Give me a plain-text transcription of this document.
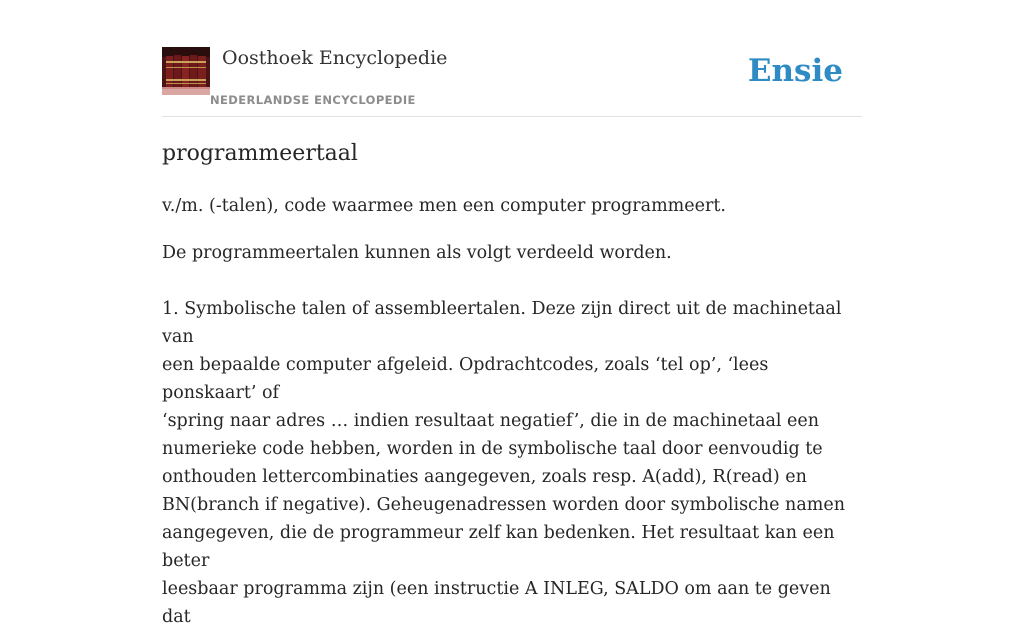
Oosthoek Encyclopedie
NEDERLANDSE ENCYCLOPEDIE
Ensie
programmeertaal

v./m. (-talen), code waarmee men een computer programmeert.

De programmeertalen kunnen als volgt verdeeld worden.

1. Symbolische talen of assembleertalen. Deze zijn direct uit de machinetaal van
een bepaalde computer afgeleid. Opdrachtcodes, zoals ‘tel op’, ‘lees ponskaart’ of
‘spring naar adres … indien resultaat negatief’, die in de machinetaal een
numerieke code hebben, worden in de symbolische taal door eenvoudig te
onthouden lettercombinaties aangegeven, zoals resp. A(add), R(read) en
BN(branch if negative). Geheugenadressen worden door symbolische namen
aangegeven, die de programmeur zelf kan bedenken. Het resultaat kan een beter
leesbaar programma zijn (een instructie A INLEG, SALDO om aan te geven dat
